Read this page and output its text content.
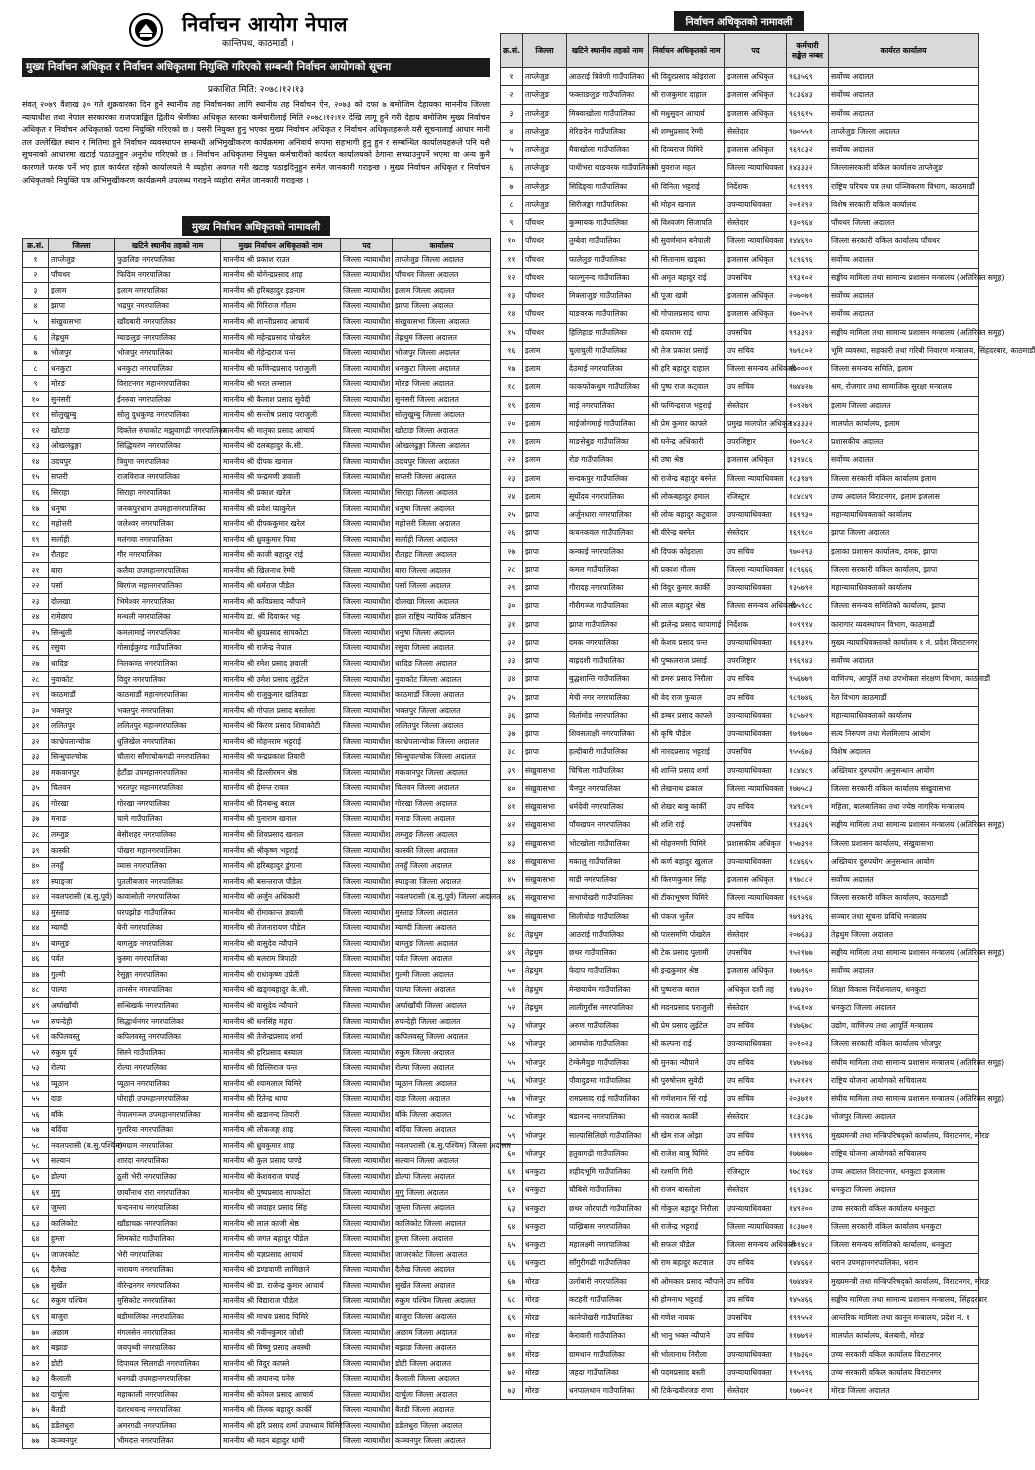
निर्वाचन आयोग नेपाल
कान्तिपथ, काठमाडौं ।
मुख्य निर्वाचन अधिकृत र निर्वाचन अधिकृतमा नियुक्ति गरिएको सम्बन्धी निर्वाचन आयोगको सूचना
प्रकाशित मिति: २०७८।१२।१३
संवत् २०७९ वैशाख ३० गते शुक्रवारका दिन हुने स्थानीय तह निर्वाचनका लागि स्थानीय तह निर्वाचन ऐन, २०७३ को दफा ७ बमोजिम देहायका माननीय जिल्ला न्यायाधीश तथा नेपाल सरकारका राजपत्राङ्कित द्वितीय श्रेणीका अधिकृत स्तरका कर्मचारीलाई मिति २०७८।१२।१२ देखि लागू हुने गरी देहाय बमोजिम मुख्य निर्वाचन अधिकृत र निर्वाचन अधिकृतको पदमा नियुक्ति गरिएको छ । यसरी नियुक्त हुनु भएका मुख्य निर्वाचन अधिकृत र निर्वाचन अधिकृतहरूले यसै सूचनालाई आधार मानी तल उल्लेखित स्थान र मितिमा हुने निर्वाचन व्यवस्थापन सम्बन्धी अभिमुखीकरण कार्यक्रममा अनिवार्य रूपमा सहभागी हुनु हुन र सम्बन्धित कार्यालयहरूले पनि यसै सूचनाको आधारमा खटाई पठाउनुहुन अनुरोध गरिएको छ । निर्वाचन अधिकृतमा नियुक्त कर्मचारीको कार्यरत कार्यालयको ठेगाना सच्याउनुपर्ने भएमा वा अन्य कुनै कारणले फरक पर्ने भए हाल कार्यरत रहेको कार्यालयले नै व्यहोरा अवगत गरी खटाइ पठाइदिनुहुन समेत जानकारी गराइन्छ । मुख्य निर्वाचन अधिकृत र निर्वाचन अधिकृतको नियुक्ति पत्र अभिमुखीकरण कार्यक्रममै उपलब्ध गराइने व्यहोरा समेत जानकारी गराइन्छ ।
मुख्य निर्वाचन अधिकृतको नामावली
क्र.सं.	जिल्ला	खटिने स्थानीय तहको नाम	मुख्य निर्वाचन अधिकृतको नाम	पद	कार्यालय
१	ताप्लेजुङ	फुङलिङ नगरपालिका	माननीय श्री प्रकाश राउत	जिल्ला न्यायाधीश	ताप्लेजुङ जिल्ला अदालत
२	पाँचथर	फिदिम नगरपालिका	माननीय श्री योगेन्द्रप्रसाद शाह	जिल्ला न्यायाधीश	पाँचथर जिल्ला अदालत
३	इलाम	इलाम नगरपालिका	माननीय श्री हरिबहादुर इङनाम	जिल्ला न्यायाधीश	इलाम जिल्ला अदालत
४	झापा	भद्रपुर नगरपालिका	माननीय श्री गिरिराज गौतम	जिल्ला न्यायाधीश	झापा जिल्ला अदालत
५	संखुवासभा	खाँदबारी नगरपालिका	माननीय श्री शान्तीप्रसाद आचार्य	जिल्ला न्यायाधीश	संखुवासभा जिल्ला अदालत
६	तेह्रथुम	म्याङलुङ नगरपालिका	माननीय श्री महेन्द्रप्रसाद पोखरेल	जिल्ला न्यायाधीश	तेह्रथुम जिल्ला अदालत
७	भोजपुर	भोजपुर नगरपालिका	माननीय श्री गेहेन्द्रराज पन्त	जिल्ला न्यायाधीश	भोजपुर जिल्ला अदालत
८	धनकुटा	धनकुटा नगरपालिका	माननीय श्री फणिन्द्रप्रसाद पराजुली	जिल्ला न्यायाधीश	धनकुटा जिल्ला अदालत
९	मोरङ	विराटनगर महानगरपालिका	माननीय श्री भरत लम्साल	जिल्ला न्यायाधीश	मोरङ जिल्ला अदालत
१०	सुनसरी	ईनरुवा नगरपालिका	माननीय श्री कैलाश प्रसाद सुवेदी	जिल्ला न्यायाधीश	सुनसरी जिल्ला अदालत
११	सोलुखुम्बु	सोलु दुधकुण्ड नगरपालिका	माननीय श्री सन्तोष प्रसाद पराजुली	जिल्ला न्यायाधीश	सोलुखुम्बु जिल्ला अदालत
१२	खोटाङ	दिक्तेल रुपाकोट मझुवागढी नगरपालिका	माननीय श्री मातृका प्रसाद आचार्य	जिल्ला न्यायाधीश	खोटाङ जिल्ला अदालत
१३	ओखलढुङ्गा	सिद्धिचरण नगरपालिका	माननीय श्री दलबहादुर के.सी.	जिल्ला न्यायाधीश	ओखलढुङ्गा जिल्ला अदालत
१४	उदयपुर	त्रियुगा नगरपालिका	माननीय श्री दीपक खनाल	जिल्ला न्यायाधीश	उदयपुर जिल्ला अदालत
१५	सप्तरी	राजविराज नगरपालिका	माननीय श्री चन्द्रमणी ज्ञवाली	जिल्ला न्यायाधीश	सप्तरी जिल्ला अदालत
१६	सिराहा	सिराहा नगरपालिका	माननीय श्री प्रकाश खरेल	जिल्ला न्यायाधीश	सिराहा जिल्ला अदालत
१७	धनुषा	जनकपुरधाम उपमहानगरपालिका	माननीय श्री प्रवेश प्याकुरेल	जिल्ला न्यायाधीश	धनुषा जिल्ला अदालत
१८	महोत्तरी	जलेश्वर नगरपालिका	माननीय श्री दीपककुमार खरेल	जिल्ला न्यायाधीश	महोत्तरी जिल्ला अदालत
१९	सर्लाही	मलंगवा नगरपालिका	माननीय श्री ध्रुवकुमार पिया	जिल्ला न्यायाधीश	सर्लाही जिल्ला अदालत
२०	रौतहट	गौर नगरपालिका	माननीय श्री काजी बहादुर राई	जिल्ला न्यायाधीश	रौतहट जिल्ला अदालत
२१	बारा	कलैया उपमहानगरपालिका	माननीय श्री खिलनाथ रेग्मी	जिल्ला न्यायाधीश	बारा जिल्ला अदालत
२२	पर्सा	बिरगंज महानगरपालिका	माननीय श्री धर्मराज पौडेल	जिल्ला न्यायाधीश	पर्सा जिल्ला अदालत
२३	दोलखा	भिमेश्वर नगरपालिका	माननीय श्री कविप्रसाद न्यौपाने	जिल्ला न्यायाधीश	दोलखा जिल्ला अदालत
२४	रामेछाप	मन्थली नगरपालिका	माननीय डा. श्री दिवाकर भट्ट	जिल्ला न्यायाधीश	हाल राष्ट्रिय न्यायिक प्रतिष्ठान
२५	सिन्धुली	कमलामाई नगरपालिका	माननीय श्री ध्रुवप्रसाद सापकोटा	जिल्ला न्यायाधीश	धनुषा जिल्ला अदालत
२६	रसुवा	गोसाईकुण्ड गाउँपालिका	माननीय श्री राजेन्द्र नेपाल	जिल्ला न्यायाधीश	रसुवा जिल्ला अदालत
२७	धादिङ	निलकण्ठ नगरपालिका	माननीय श्री रमेश प्रसाद ज्ञवाली	जिल्ला न्यायाधीश	धादिङ जिल्ला अदालत
२८	नुवाकोट	विदुर नगरपालिका	माननीय श्री उमेश प्रसाद लुईटेल	जिल्ला न्यायाधीश	नुवाकोट जिल्ला अदालत
२९	काठमाडौं	काठमाडौं महानगरपालिका	माननीय श्री राजुकुमार खतिवडा	जिल्ला न्यायाधीश	काठमाडौं जिल्ला अदालत
३०	भक्तपुर	भक्तपुर नगरपालिका	माननीय श्री गोपाल प्रसाद बस्तोला	जिल्ला न्यायाधीश	भक्तपुर जिल्ला अदालत
३१	ललितपुर	ललितपुर महानगरपालिका	माननीय श्री किरण प्रसाद शिवाकोटी	जिल्ला न्यायाधीश	ललितपुर जिल्ला अदालत
३२	काभ्रेपलान्चोक	धुलिखेल नगरपालिका	माननीय श्री मोहनराम भट्टराई	जिल्ला न्यायाधीश	काभ्रेपलान्चोक जिल्ला अदालत
३३	सिन्धुपाल्चोक	चौतारा साँगाचोकगढी नगरपालिका	माननीय श्री चन्द्रप्रकाश तिवारी	जिल्ला न्यायाधीश	सिन्धुपाल्चोक जिल्ला अदालत
३४	मकवानपुर	हेटौंडा उपमहानगरपालिका	माननीय श्री डिल्लीरमन श्रेष्ठ	जिल्ला न्यायाधीश	मकवानपुर जिल्ला अदालत
३५	चितवन	भरतपुर महानगरपालिका	माननीय श्री हेमन्त रावल	जिल्ला न्यायाधीश	चितवन जिल्ला अदालत
३६	गोरखा	गोरखा नगरपालिका	माननीय श्री दिनबन्धु बराल	जिल्ला न्यायाधीश	गोरखा जिल्ला अदालत
३७	मनाङ	चामे गाउँपालिका	माननीय श्री पुनाराम खनाल	जिल्ला न्यायाधीश	मनाङ जिल्ला अदालत
३८	लम्जुङ	बेसीशहर नगरपालिका	माननीय श्री शिवप्रसाद खनाल	जिल्ला न्यायाधीश	लम्जुङ जिल्ला अदालत
३९	कास्की	पोखरा महानगरपालिका	माननीय श्री श्रीकृष्ण भट्टराई	जिल्ला न्यायाधीश	कास्की जिल्ला अदालत
४०	तनहुँ	व्यास नगरपालिका	माननीय श्री हरिबहादुर डुंगाना	जिल्ला न्यायाधीश	तनहुँ जिल्ला अदालत
४१	स्याङ्जा	पुतलीबजार नगरपालिका	माननीय श्री बसन्तराज पौडेल	जिल्ला न्यायाधीश	स्याङ्जा जिल्ला अदालत
४२	नवलपरासी (ब.सु.पूर्व)	कावासोती नगरपालिका	माननीय श्री अर्जुन अधिकारी	जिल्ला न्यायाधीश	नवलपरासी (ब.सु.पूर्व) जिल्ला अदालत
४३	मुस्ताङ	घरपझोङ गाउँपालिका	माननीय श्री रोमाकान्त ज्ञवाली	जिल्ला न्यायाधीश	मुस्ताङ जिल्ला अदालत
४४	म्याग्दी	बेनी नगरपालिका	माननीय श्री तेजनारायण पौडेल	जिल्ला न्यायाधीश	म्याग्दी जिल्ला अदालत
४५	बाग्लुङ	बागलुङ नगरपालिका	माननीय श्री वासुदेव न्यौपाने	जिल्ला न्यायाधीश	बाग्लुङ जिल्ला अदालत
४६	पर्वत	कुस्मा नगरपालिका	माननीय श्री बलराम त्रिपाठी	जिल्ला न्यायाधीश	पर्वत जिल्ला अदालत
४७	गुल्मी	रेसुङ्गा नगरपालिका	माननीय श्री राधाकृष्ण उप्रेती	जिल्ला न्यायाधीश	गुल्मी जिल्ला अदालत
४८	पाल्पा	तानसेन नगरपालिका	माननीय श्री खड्गबहादुर के.सी.	जिल्ला न्यायाधीश	पाल्पा जिल्ला अदालत
४९	अर्घाखाँची	सन्धिखर्क नगरपालिका	माननीय श्री वासुदेव न्यौपाने	जिल्ला न्यायाधीश	अर्घाखाँची जिल्ला अदालत
५०	रुपन्देही	सिद्धार्थनगर नगरपालिका	माननीय श्री धनसिंह महरा	जिल्ला न्यायाधीश	रुपन्देही जिल्ला अदालत
५१	कपिलवस्तु	कपिलवस्तु नगरपालिका	माननीय श्री तेजेन्द्रप्रसाद शर्मा	जिल्ला न्यायाधीश	कपिलवस्तु जिल्ला अदालत
५२	रुकुम पूर्व	सिस्ने गाउँपालिका	माननीय श्री हरिप्रसाद बस्याल	जिल्ला न्यायाधीश	रुकुम जिल्ला अदालत
५३	रोल्पा	रोल्पा नगरपालिका	माननीय श्री दिल्लिराज पन्त	जिल्ला न्यायाधीश	रोल्पा जिल्ला अदालत
५४	प्यूठान	प्यूठान नगरपालिका	माननीय श्री श्यामलाल घिमिरे	जिल्ला न्यायाधीश	प्यूठान जिल्ला अदालत
५५	दाङ	घोराही उपमहानगरपालिका	माननीय श्री रितेन्द्र थापा	जिल्ला न्यायाधीश	दाङ जिल्ला अदालत
५६	बाँके	नेपालगञ्ज उपमहानगरपालिका	माननीय श्री खडानन्द तिवारी	जिल्ला न्यायाधीश	बाँके जिल्ला अदालत
५७	बर्दिया	गुलरिया नगरपालिका	माननीय श्री लोकजङ्ग शाह	जिल्ला न्यायाधीश	बर्दिया जिल्ला अदालत
५८	नवलपरासी (ब.सु.पश्चिम)	रामग्राम नगरपालिका	माननीय श्री ध्रुवकुमार शाह	जिल्ला न्यायाधीश	नवलपरासी (ब.सु.पश्चिम) जिल्ला अदालत
५९	सल्यान	शारदा नगरपालिका	माननीय श्री कुल प्रसाद पाण्डे	जिल्ला न्यायाधीश	सल्यान जिल्ला अदालत
६०	डोल्पा	ठूली भेरी नगरपालिका	माननीय श्री केशवराज चपाई	जिल्ला न्यायाधीश	डोल्पा जिल्ला अदालत
६१	मुगु	छायाँनाथ रारा नगरपालिका	माननीय श्री पुष्पप्रसाद सापकोटा	जिल्ला न्यायाधीश	मुगु जिल्ला अदालत
६२	जुम्ला	चन्दननाथ नगरपालिका	माननीय श्री जवाहर प्रसाद सिंह	जिल्ला न्यायाधीश	जुम्ला जिल्ला अदालत
६३	कालिकोट	खाँडाचक्र नगरपालिका	माननीय श्री लाल काजी श्रेष्ठ	जिल्ला न्यायाधीश	कालिकोट जिल्ला अदालत
६४	हुम्ला	सिमकोट गाउँपालिका	माननीय श्री जगत बहादुर पौडेल	जिल्ला न्यायाधीश	हुम्ला जिल्ला अदालत
६५	जाजरकोट	भेरी नगरपालिका	माननीय श्री यज्ञप्रसाद आचार्य	जिल्ला न्यायाधीश	जाजरकोट जिल्ला अदालत
६६	दैलेख	नारायण नगरपालिका	माननीय श्री डण्डपाणी लामिछाने	जिल्ला न्यायाधीश	दैलेख जिल्ला अदालत
६७	सुर्खेत	वीरेन्द्रनगर नगरपालिका	माननीय श्री डा. राजेन्द्र कुमार आचार्य	जिल्ला न्यायाधीश	सुर्खेत जिल्ला अदालत
६८	रुकुम पश्चिम	मुसिकोट नगरपालिका	माननीय श्री विद्याराज पौडेल	जिल्ला न्यायाधीश	रुकुम पश्चिम जिल्ला अदालत
६९	बाजुरा	बडीमालिका नगरपालिका	माननीय श्री माधव प्रसाद घिमिरे	जिल्ला न्यायाधीश	बाजुरा जिल्ला अदालत
७०	अछाम	मंगलसेन नगरपालिका	माननीय श्री नवीनकुमार जोशी	जिल्ला न्यायाधीश	अछाम जिल्ला अदालत
७१	बझाङ	जयपृथ्वी नगरपालिका	माननीय श्री विष्णु प्रसाद अवस्थी	जिल्ला न्यायाधीश	बझाङ जिल्ला अदालत
७२	डोटी	दिपायल सिलगढी नगरपालिका	माननीय श्री विदुर काफ्ले	जिल्ला न्यायाधीश	डोटी जिल्ला अदालत
७३	कैलाली	धनगढी उपमहानगरपालिका	माननीय श्री जयानन्द पनेरु	जिल्ला न्यायाधीश	कैलाली जिल्ला अदालत
७४	दार्चुला	महाकाली नगरपालिका	माननीय श्री कोमल प्रसाद आचार्य	जिल्ला न्यायाधीश	दार्चुला जिल्ला अदालत
७५	बैतडी	दशरथचन्द नगरपालिका	माननीय श्री तिलक बहादुर कार्की	जिल्ला न्यायाधीश	बैतडी जिल्ला अदालत
७६	डडेलधुरा	अमरगढी नगरपालिका	माननीय श्री हरि प्रसाद शर्मा उपाध्याय घिमिरे	जिल्ला न्यायाधीश	डडेलधुरा जिल्ला अदालत
७७	कञ्चनपुर	भीमदत्त नगरपालिका	माननीय श्री मदन बहादुर धामी	जिल्ला न्यायाधीश	कञ्चनपुर जिल्ला अदालत
निर्वाचन अधिकृतको नामावली
क्र.सं.	जिल्ला	खटिने स्थानीय तहको नाम	निर्वाचन अधिकृतको नाम	पद	कर्मचारी सङ्केत नम्बर	कार्यरत कार्यालय
१	ताप्लेजुङ	आठराई त्रिवेणी गाउँपालिका	श्री विदुरप्रसाद कोइराला	इजलास अधिकृत	९६३५६९	सर्वोच्च अदालत
२	ताप्लेजुङ	फक्ताङलुङ गाउँपालिका	श्री राजकुमार दाहाल	इजलास अधिकृत	९८३६४३	सर्वोच्च अदालत
३	ताप्लेजुङ	मिक्वाखोला गाउँपालिका	श्री मधुसुदन आचार्य	इजलास अधिकृत	९६९६१५	सर्वोच्च अदालत
४	ताप्लेजुङ	मेरिङदेन गाउँपालिका	श्री शम्भुप्रसाद रेग्मी	सेस्तेदार	९७०५५१	ताप्लेजुङ जिल्ला अदालत
५	ताप्लेजुङ	मैवाखोला गाउँपालिका	श्री दिव्यराज घिमिरे	इजलास अधिकृत	९६९८३२	सर्वोच्च अदालत
६	ताप्लेजुङ	पाथीभरा याङवरक गाउँपालिका	श्री युवराज महत	जिल्ला न्यायाधिवक्ता	१४३३३२	जिल्लासरकारी वकिल कार्यालय ताप्लेजुङ
७	ताप्लेजुङ	सिदिङ्वा गाउँपालिका	श्री विनिता भट्टराई	निर्देशक	९८९९९९	राष्ट्रिय परिचय पत्र तथा पञ्जिकरण विभाग, काठमाडौं
८	ताप्लेजुङ	सिरीजङ्घा गाउँपालिका	श्री मोहन खनाल	उपन्यायाधिवक्ता	२०१२९२	विशेष सरकारी वकिल कार्यालय
९	पाँचथर	कुम्मायक गाउँपालिका	श्री विश्वजंग सिजापति	सेस्तेदार	१३०९६४	पाँचथर जिल्ला अदालत
१०	पाँचथर	तुम्बेवा गाउँपालिका	श्री सुवर्णमान बनेपाली	जिल्ला न्यायाधिवक्ता	१४४६९०	जिल्ला सरकारी वकिल कार्यालय पाँचथर
११	पाँचथर	फालेलुङ गाउँपालिका	श्री सितानाम खड्का	इजलास अधिकृत	९८९६९६	सर्वोच्च अदालत
१२	पाँचथर	फाल्गुनन्द गाउँपालिका	श्री अमृत बहादुर राई	उपसचिव	९९३१०२	सङ्घीय मामिला तथा सामान्य प्रशासन मन्त्रालय (अतिरिक्त समूह)
१३	पाँचथर	मिक्लाजुङ गाउँपालिका	श्री पूजा खत्री	इजलास अधिकृत	२०७०७१	सर्वोच्च अदालत
१४	पाँचथर	याङवरक गाउँपालिका	श्री गोपालप्रसाद थापा	इजलास अधिकृत	१७०२५१	सर्वोच्च अदालत
१५	पाँचथर	हिलिहाङ गाउँपालिका	श्री दयाराम राई	उपसचिव	९९३३९२	सङ्घीय मामिला तथा सामान्य प्रशासन मन्त्रालय (अतिरिक्त समूह)
१६	इलाम	चुलाचुली गाउँपालिका	श्री तेज प्रकाश प्रसाई	उप सचिव	९७९८०२	भूमि व्यवस्था, सहकारी तथा गरिबी निवारण मन्त्रालय, सिंहदरबार, काठमाडौं
१७	इलाम	देउमाई नगरपालिका	श्री हरि बहादुर दाहाल	जिल्ला समन्वय अधिकारी	१७०००१	जिल्ला समन्वय समिति, इलाम
१८	इलाम	फाकफोकथुम गाउँपालिका	श्री पुष्प राज कट्वाल	उप सचिव	९७४४२७	श्रम, रोजगार तथा सामाजिक सुरक्षा मन्त्रालय
१९	इलाम	माई नगरपालिका	श्री फणिन्द्रराज भट्टराई	सेस्तेदार	१०९२७९	इलाम जिल्ला अदालत
२०	इलाम	माईजोगमाई गाउँपालिका	श्री प्रेम कुमार काफ्ले	प्रमुख मालपोत अधिकृत	१४३३३२	मालपोत कार्यालय, इलाम
२१	इलाम	माङसेबुङ गाउँपालिका	श्री घनेन्द्र अधिकारी	उपरजिष्ट्रार	१७०९८२	प्रशासकीय अदालत
२२	इलाम	रोङ गाउँपालिका	श्री उषा श्रेष्ठ	इजलास अधिकृत	१३९४८६	सर्वोच्च अदालत
२३	इलाम	सन्दकपुर गाउँपालिका	श्री राजेन्द्र बहादुर बस्नेत	जिल्ला न्यायाधिवक्ता	१८३९४९	जिल्ला सरकारी वकिल कार्यालय इलाम
२४	इलाम	सूर्योदय नगरपालिका	श्री लोकबहादुर हमाल	रजिस्ट्रार	१८४८४९	उच्च अदालत विराटनगर, इलाम इजलास
२५	झापा	अर्जुनधारा नगरपालिका	श्री लोक बहादुर कटुवाल	उपन्यायाधिवक्ता	१६९९३०	महान्यायाधिवक्ताको कार्यालय
२६	झापा	कचनकवल गाउँपालिका	श्री वीरेन्द्र बस्नेत	सेस्तेदार	१६९९८०	झापा जिल्ला अदालत
२७	झापा	कन्काई नगरपालिका	श्री दिपक कोइराला	उप सचिव	९७०२९३	इलाका प्रशासन कार्यालय, दमक, झापा
२८	झापा	कमल गाउँपालिका	श्री प्रकाश गौतम	जिल्ला न्यायाधिवक्ता	१८९६६६	जिल्ला सरकारी वकिल कार्यालय, झापा
२९	झापा	गौरादह नगरपालिका	श्री विदुर कुमार कार्की	उपन्यायाधिवक्ता	१३५७९२	महान्यायाधिवक्ताको कार्यालय
३०	झापा	गौरीगञ्ज गाउँपालिका	श्री लाल बहादुर श्रेष्ठ	जिल्ला समन्वय अधिकारी	९७५९८८	जिल्ला समन्वय समितिको कार्यालय, झापा
३१	झापा	झापा गाउँपालिका	श्री झलेन्द्र प्रसाद चापागाई	निर्देशक	१०९९१४	कारागार व्यवस्थापन विभाग, काठमाडौं
३२	झापा	दमक नगरपालिका	श्री केशव प्रसाद पन्त	उपन्यायाधिवक्ता	१६९३१५	मुख्य न्यायाधिवक्ताको कार्यालय १ नं. प्रदेश विराटनगर
३३	झापा	बाह्रदशी गाउँपालिका	श्री पुष्कलराज प्रसाई	उपरजिष्ट्रार	१९६९४३	सर्वोच्च अदालत
३४	झापा	बुद्धशान्ति गाउँपालिका	श्री डमरु प्रसाद निरौला	उप सचिव	९५६७७९	वाणिज्य, आपूर्ति तथा उपभोक्ता संरक्षण विभाग, काठमाडौं
३५	झापा	मेची नगर नगरपालिका	श्री वेद राज फुयाल	उप सचिव	९८९७४६	रेल विभाग काठमाडौं
३६	झापा	विर्तामोड नगरपालिका	श्री डम्बर प्रसाद काफ्ले	उपन्यायाधिवक्ता	१८५७२९	महान्यायाधिवक्ताको कार्यालय
३७	झापा	शिवसताक्षी नगरपालिका	श्री कृषि पौडेल	उपन्यायाधिवक्ता	१७९७७०	सत्य निरुपण तथा मेलमिलाप आयोग
३८	झापा	हल्दीबारी गाउँपालिका	श्री नारदप्रसाद भट्टराई	उपसचिव	९५५६७३	विशेष अदालत
३९	संखुवासभा	चिचिला गाउँपालिका	श्री शान्ति प्रसाद शर्मा	उपन्यायाधिवक्ता	१८४४८९	अख्तियार दुरुपयोग अनुसन्धान आयोग
४०	संखुवासभा	चैनपुर नगरपालिका	श्री लेखनाथ ढकाल	जिल्ला न्यायाधिवक्ता	१७७५८३	जिल्ला सरकारी वकिल कार्यालय संखुवासभा
४१	संखुवासभा	धर्मदेवी नगरपालिका	श्री शेखर बाबु कार्की	उप सचिव	९४९८०९	महिला, बालबालिका तथा ज्येष्ठ नागरिक मन्त्रालय
४२	संखुवासभा	पाँचखपन नगरपालिका	श्री शशि राई	उपसचिव	९९३३६९	सङ्घीय मामिला तथा सामान्य प्रशासन मन्त्रालय (अतिरिक्त समूह)
४३	संखुवासभा	भोटखोला गाउँपालिका	श्री मोहनमणी घिमिरे	प्रशासकीय अधिकृत	१५७३९२	जिल्ला प्रशासन कार्यालय, संखुवासभा
४४	संखुवासभा	मकालु गाउँपालिका	श्री कर्ण बहादुर खुलाल	उपन्यायाधिवक्ता	१८४६६५	अख्तियार दुरुपयोग अनुसन्धान आयोग
४५	संखुवासभा	माडी नगरपालिका	श्री किरणकुमार सिंह	इजलास अधिकृत	१९७८८२	सर्वोच्च अदालत
४६	संखुवासभा	सभापोखरी गाउँपालिका	श्री टीकाभूषण घिमिरे	जिल्ला न्यायाधिवक्ता	१६९५६४	जिल्ला सरकारी वकिल कार्यालय, काठमाडौं
४७	संखुवासभा	सिलीचोङ गाउँपालिका	श्री पंकज भुर्तेल	उप सचिव	९७९३९६	सञ्चार तथा सूचना प्रविधि मन्त्रालय
४८	तेह्रथुम	आठराई गाउँपालिका	श्री पारसमणि पोखरेल	सेस्तेदार	२०७६३३	तेह्रथुम जिल्ला अदालत
४९	तेह्रथुम	छथर गाउँपालिका	श्री टेक प्रसाद पुलामी	उपसचिव	९५२१७७	सङ्घीय मामिला तथा सामान्य प्रशासन मन्त्रालय (अतिरिक्त समूह)
५०	तेह्रथुम	फेदाप गाउँपालिका	श्री इन्द्रकुमार श्रेष्ठ	इजलास अधिकृत	१७७९६०	सर्वोच्च अदालत
५१	तेह्रथुम	मेन्छयायेम गाउँपालिका	श्री पुष्पराज बराल	अधिकृत दशौं तह	१४७३९०	शिक्षा विकास निर्देशनालय, धनकुटा
५२	तेह्रथुम	लालीगुराँस नगरपालिका	श्री मदनप्रसाद पराजुली	सेस्तेदार	१५६१०४	धनकुटा जिल्ला अदालत
५३	भोजपुर	अरुण गाउँपालिका	श्री प्रेम प्रसाद लुईटेल	उप सचिव	१४७६७८	उद्योग, वाणिज्य तथा आपूर्ति मन्त्रालय
५४	भोजपुर	आमचोक गाउँपालिका	श्री कल्पना राई	उपन्यायाधिवक्ता	२०१०२३	जिल्ला सरकारी वकिल कार्यालय भोजपुर
५५	भोजपुर	टेम्केमैयुङ गाउँपालिका	श्री मुनका न्यौपाने	उप सचिव	१४७२७४	संघीय मामिला तथा सामान्य प्रशासन मन्त्रालय (अतिरिक्त समूह)
५६	भोजपुर	पौवादुङमा गाउँपालिका	श्री पुरुषोत्तम सुवेदी	उप सचिव	१५२१२९	राष्ट्रिय योजना आयोगको सचिवालय
५७	भोजपुर	रामप्रसाद राई गाउँपालिका	श्री गणेशमान सिं राई	उप सचिव	२०३७११	संघीय मामिला तथा सामान्य प्रशासन मन्त्रालय (अतिरिक्त समूह)
५८	भोजपुर	षडानन्द नगरपालिका	श्री नवराज कार्की	सेस्तेदार	१८३८३७	भोजपुर जिल्ला अदालत
५९	भोजपुर	साल्पासिलिछो गाउँपालिका	श्री खेम राज ओझा	उप सचिव	९१९९९६	मुख्यमन्त्री तथा मन्त्रिपरिषद्को कार्यालय, विराटनगर, मोरङ
६०	भोजपुर	हतुवागढी गाउँपालिका	श्री राजेश बाबु घिमिरे	उप सचिव	१७७७७०	राष्ट्रिय योजना आयोगको सचिवालय
६१	धनकुटा	शहीदभूमि गाउँपालिका	श्री रश्मणि गिरी	रजिस्ट्रार	१७८१६४	उच्च अदालत विराटनगर, धनकुटा इजलास
६२	धनकुटा	चौबिसे गाउँपालिका	श्री राजन बास्तोला	सेस्तेदार	१६९३४८	धनकुटा जिल्ला अदालत
६३	धनकुटा	छथर जोरपाटी गाउँपालिका	श्री गोकुल बहादुर निरौला	उपन्यायाधिवक्ता	१४९२००	उच्च सरकारी वकिल कार्यालय धनकुटा
६४	धनकुटा	पाख्रिबास नगरपालिका	श्री राजेन्द्र भट्टराई	जिल्ला न्यायाधिवक्ता	१८३७०१	जिल्ला सरकारी वकिल कार्यालय धनकुटा
६५	धनकुटा	महालक्ष्मी नगरपालिका	श्री सफल पौडेल	जिल्ला समन्वय अधिकारी	२०१४८२	जिल्ला समन्वय समितिको कार्यालय, धनकुटा
६६	धनकुटा	साँगुरीगढी गाउँपालिका	श्री राम बहादुर कटवाल	उप सचिव	१४४६६२	धरान उपमहानगरपालिका, धरान
६७	मोरङ	उर्लाबारी नगरपालिका	श्री ओमकार प्रसाद न्यौपाने	उप सचिव	९७४४४२	मुख्यमन्त्री तथा मन्त्रिपरिषद्को कार्यालय, विराटनगर, मोरङ
६८	मोरङ	कटहरी गाउँपालिका	श्री होमनाथ भट्टराई	उप सचिव	१४५४६६	सङ्घीय मामिला तथा सामान्य प्रशासन मन्त्रालय, सिंहदरबार
६९	मोरङ	कानेपोखरी गाउँपालिका	श्री गणेश नायक	उपसचिव	१९९५५२	आन्तरिक मामिला तथा कानून मन्त्रालय, प्रदेश नं. १
७०	मोरङ	केरावारी गाउँपालिका	श्री भानु भक्त न्यौपाने	उप सचिव	११७७९२	मालपोत कार्यालय, बेलबारी, मोरङ
७१	मोरङ	ग्रामथान गाउँपालिका	श्री भोलानाथ निरौला	उपन्यायाधिवक्ता	१९७३६०	उच्च सरकारी वकिल कार्यालय विराटनगर
७२	मोरङ	जहदा गाउँपालिका	श्री पदमप्रसाद बस्ती	उपन्यायाधिवक्ता	१९५९९६	उच्च सरकारी वकिल कार्यालय विराटनगर
७३	मोरङ	धनपालथान गाउँपालिका	श्री टिकेन्द्रवीरजङ राणा	सेस्तेदार	१७७०२१	मोरङ जिल्ला अदालत
